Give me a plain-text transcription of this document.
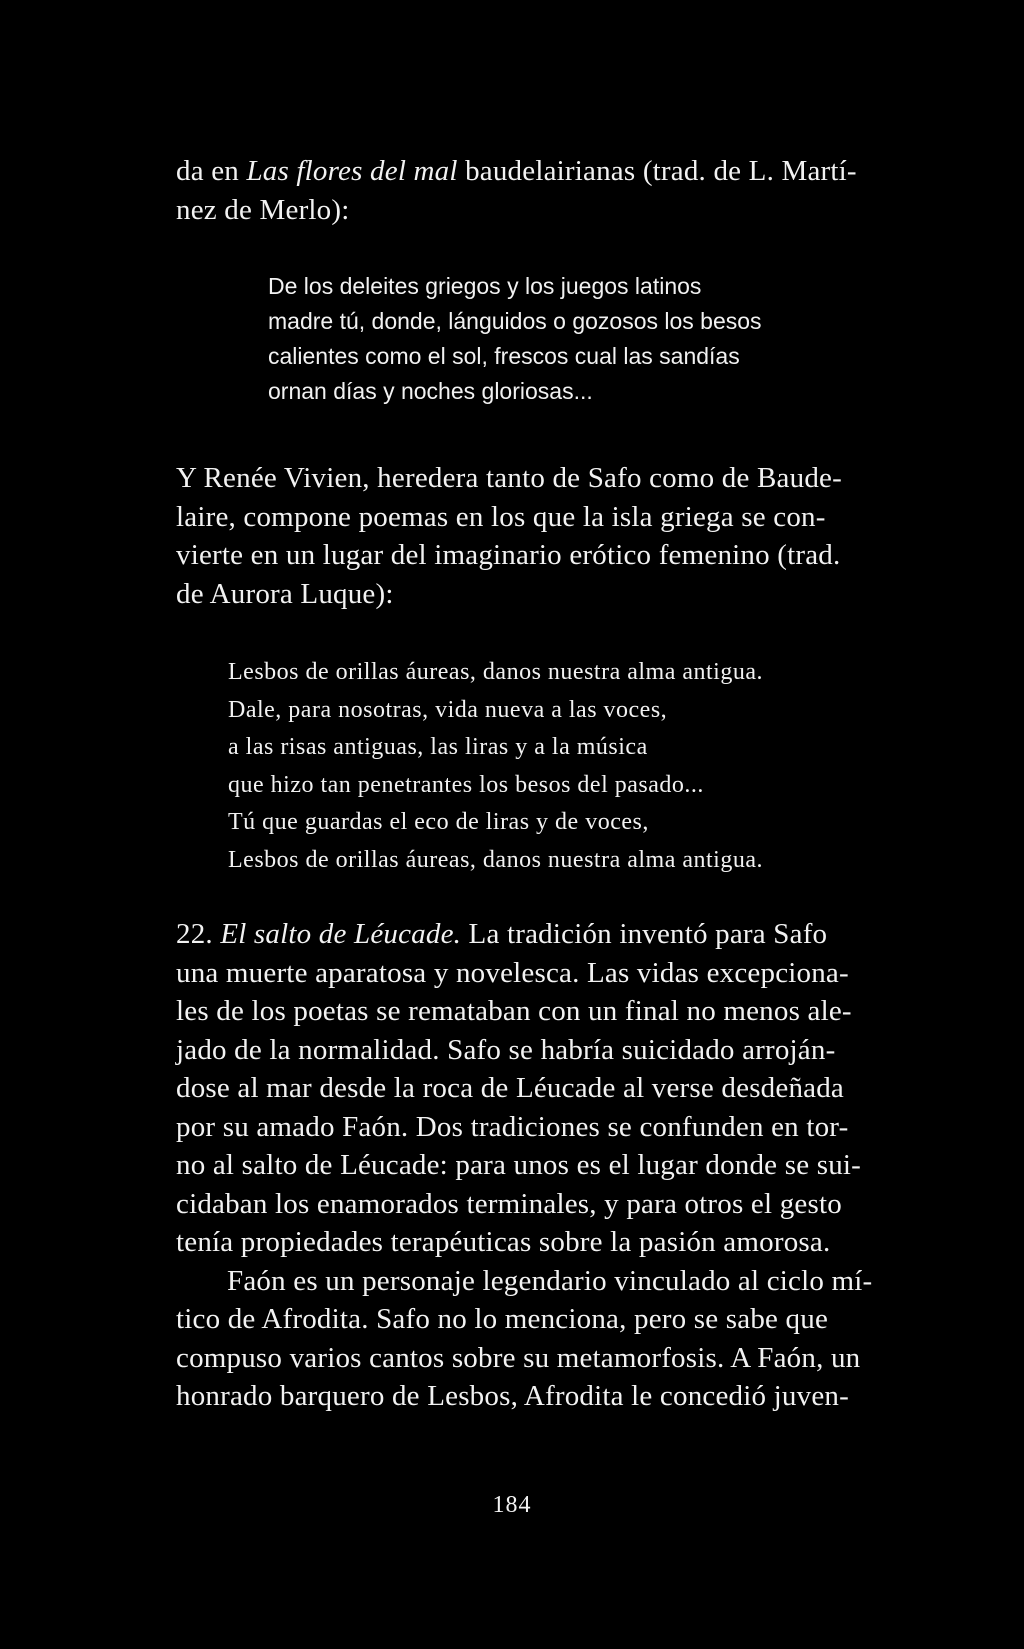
da en Las flores del mal baudelairianas (trad. de L. Martí-
nez de Merlo):

De los deleites griegos y los juegos latinos
madre tú, donde, lánguidos o gozosos los besos
calientes como el sol, frescos cual las sandías
ornan días y noches gloriosas...

Y Renée Vivien, heredera tanto de Safo como de Baude-
laire, compone poemas en los que la isla griega se con-
vierte en un lugar del imaginario erótico femenino (trad.
de Aurora Luque):

Lesbos de orillas áureas, danos nuestra alma antigua.
Dale, para nosotras, vida nueva a las voces,
a las risas antiguas, las liras y a la música
que hizo tan penetrantes los besos del pasado...
Tú que guardas el eco de liras y de voces,
Lesbos de orillas áureas, danos nuestra alma antigua.

22. El salto de Léucade. La tradición inventó para Safo
una muerte aparatosa y novelesca. Las vidas excepciona-
les de los poetas se remataban con un final no menos ale-
jado de la normalidad. Safo se habría suicidado arroján-
dose al mar desde la roca de Léucade al verse desdeñada
por su amado Faón. Dos tradiciones se confunden en tor-
no al salto de Léucade: para unos es el lugar donde se sui-
cidaban los enamorados terminales, y para otros el gesto
tenía propiedades terapéuticas sobre la pasión amorosa.
Faón es un personaje legendario vinculado al ciclo mí-
tico de Afrodita. Safo no lo menciona, pero se sabe que
compuso varios cantos sobre su metamorfosis. A Faón, un
honrado barquero de Lesbos, Afrodita le concedió juven-

184
